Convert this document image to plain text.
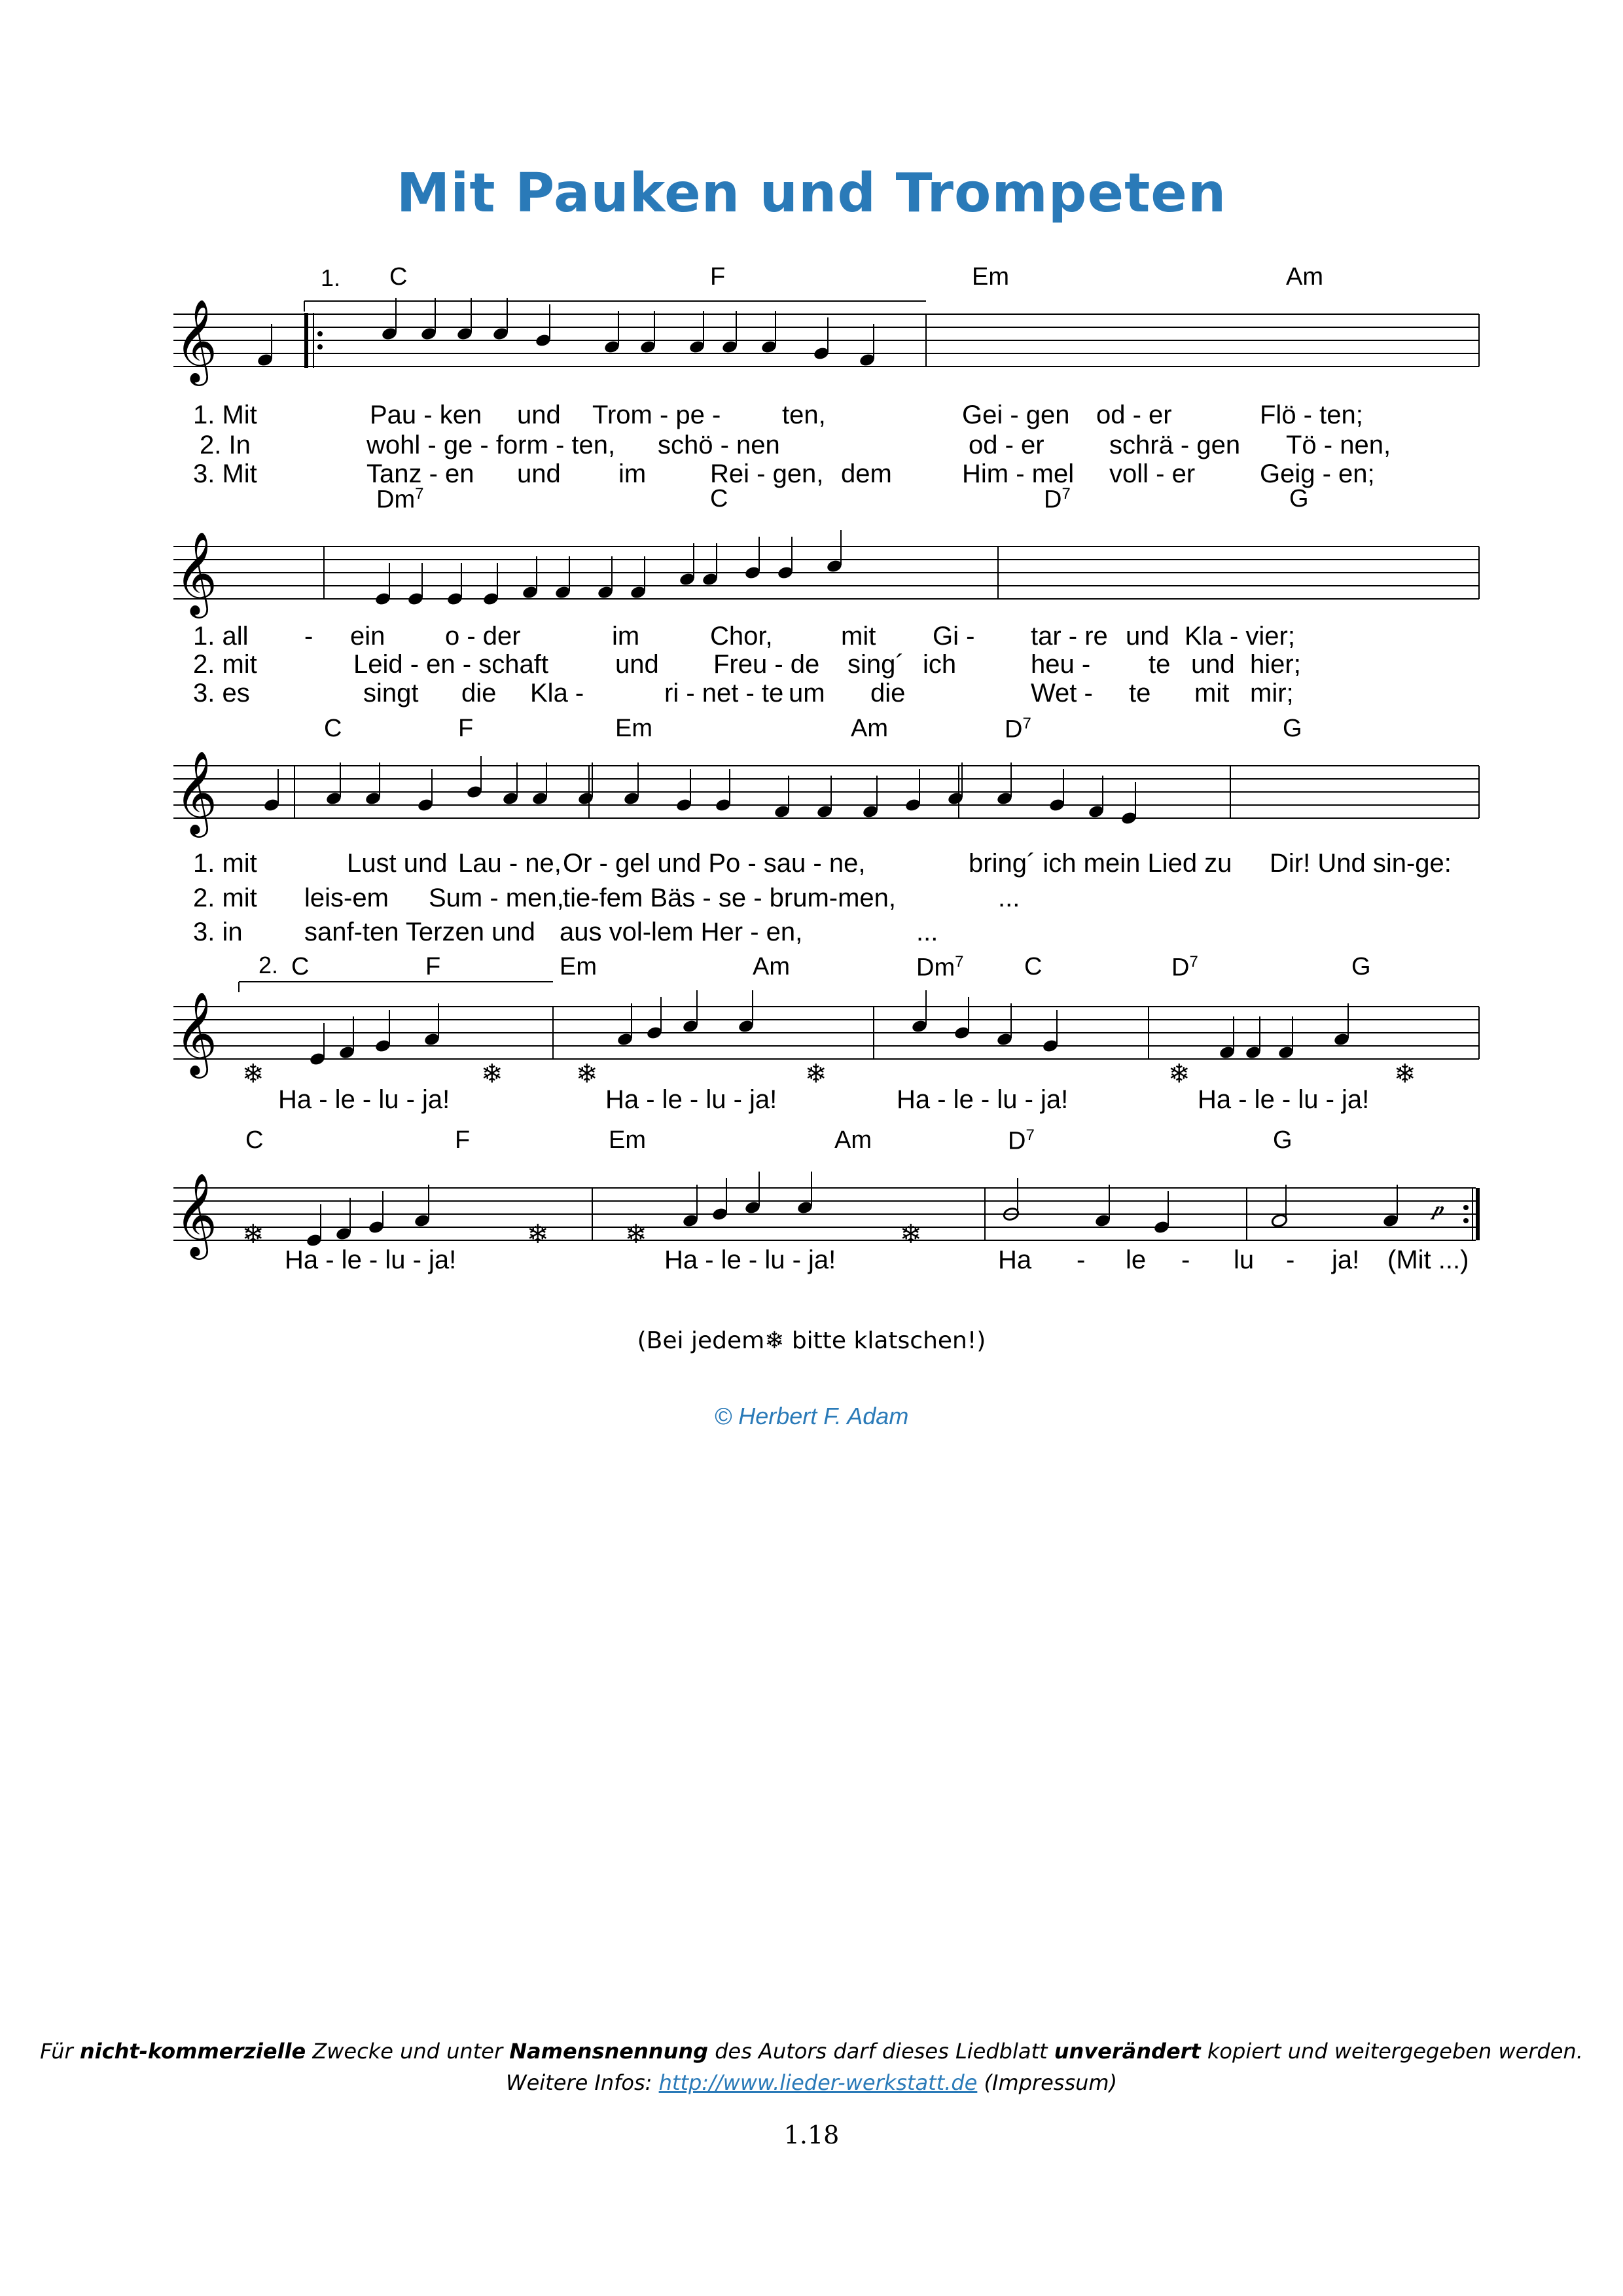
Mit Pauken und Trompeten
𝄞
1. C	F	Em	Am
1. Mit	Pau - ken und Trom - pe - ten,	Gei - gen od - er	Flö - ten;
2. In	wohl - ge - form - ten, schö - nen	od - er schrä - gen Tö - nen,
3. Mit	Tanz - en und im Rei - gen, dem	Him - mel voll - er Geig - en;
𝄞
Dm$^7$	C	$D^7$	G
1. all - ein o - der	im	Chor,	mit Gi - tar - re und Kla - vier;
2. mit	Leid - en - schaft	und Freu - de sing´ ich	heu - te und hier;
3. es	singt die Kla -	ri - net - te um die	Wet - te mit mir;
𝄞
C	F	Em	Am	$D^7$	G
1. mit	Lust und Lau - ne, Or - gel und Po - sau - ne,	bring´ ich mein Lied zu Dir! Und sin-ge:
2. mit leis-em Sum - men,
tie-fem Bäs - se - brum-men,	...
3. in sanf-ten Terzen und aus vol-lem Her - en,	...
𝄞
2. C	F	Em	Am	Dm$^7$ C	$D^7$	G
Ha - le - lu - ja!	Ha - le - lu - ja!	Ha - le - lu - ja!	Ha - le - lu - ja!
❄	❄	❄	❄	❄	❄
𝄞	𝆏
C	F	Em	Am	$D^7$	G
Ha - le - lu - ja!	Ha - le - lu - ja!	Ha - le - lu - ja! (Mit ...)
❄	❄	❄	❄
(Bei jedem❄ bitte klatschen!)
© Herbert F. Adam
Für nicht-kommerzielle Zwecke und unter Namensnennung des Autors darf dieses Liedblatt unverändert kopiert und weitergegeben werden.
Weitere Infos: http://www.lieder-werkstatt.de (Impressum)
1.18
